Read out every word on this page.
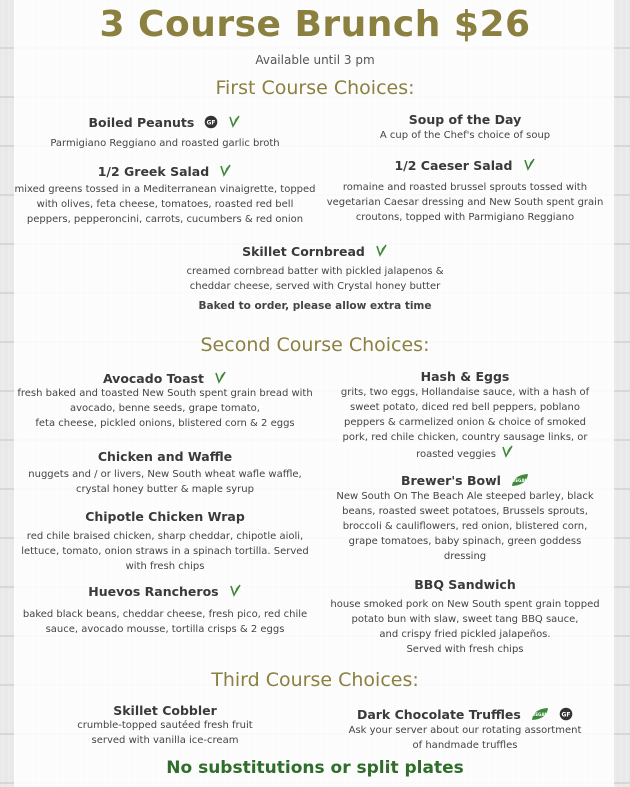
3 Course Brunch $26
Available until 3 pm
First Course Choices:
Boiled Peanuts GF

Parmigiano Reggiano and roasted garlic broth
Soup of the Day
A cup of the Chef's choice of soup
1/2 Greek Salad
mixed greens tossed in a Mediterranean vinaigrette, topped
with olives, feta cheese, tomatoes, roasted red bell
peppers, pepperoncini, carrots, cucumbers & red onion
1/2 Caeser Salad
romaine and roasted brussel sprouts tossed with
vegetarian Caesar dressing and New South spent grain
croutons, topped with Parmigiano Reggiano
Skillet Cornbread
creamed cornbread batter with pickled jalapenos &
cheddar cheese, served with Crystal honey butter
Baked to order, please allow extra time
Second Course Choices:
Avocado Toast
fresh baked and toasted New South spent grain bread with
avocado, benne seeds, grape tomato,
feta cheese, pickled onions, blistered corn & 2 eggs
Hash & Eggs
grits, two eggs, Hollandaise sauce, with a hash of
sweet potato, diced red bell peppers, poblano
peppers & carmelized onion & choice of smoked
pork, red chile chicken, country sausage links, or
roasted veggies
Chicken and Waffle
nuggets and / or livers, New South wheat wafle waffle,
crystal honey butter & maple syrup
Brewer's Bowl	VEGAN
New South On The Beach Ale steeped barley, black
beans, roasted sweet potatoes, Brussels sprouts,
broccoli & cauliflowers, red onion, blistered corn,
grape tomatoes, baby spinach, green goddess
dressing
Chipotle Chicken Wrap
red chile braised chicken, sharp cheddar, chipotle aioli,
lettuce, tomato, onion straws in a spinach tortilla. Served
with fresh chips
BBQ Sandwich
house smoked pork on New South spent grain topped
potato bun with slaw, sweet tang BBQ sauce,
and crispy fried pickled jalapeños.
Served with fresh chips
Huevos Rancheros
baked black beans, cheddar cheese, fresh pico, red chile
sauce, avocado mousse, tortilla crisps & 2 eggs
Third Course Choices:
Skillet Cobbler
crumble-topped sautéed fresh fruit
served with vanilla ice-cream
Dark Chocolate Truffles	VEGAN
GF
Ask your server about our rotating assortment
of handmade truffles
No substitutions or split plates
